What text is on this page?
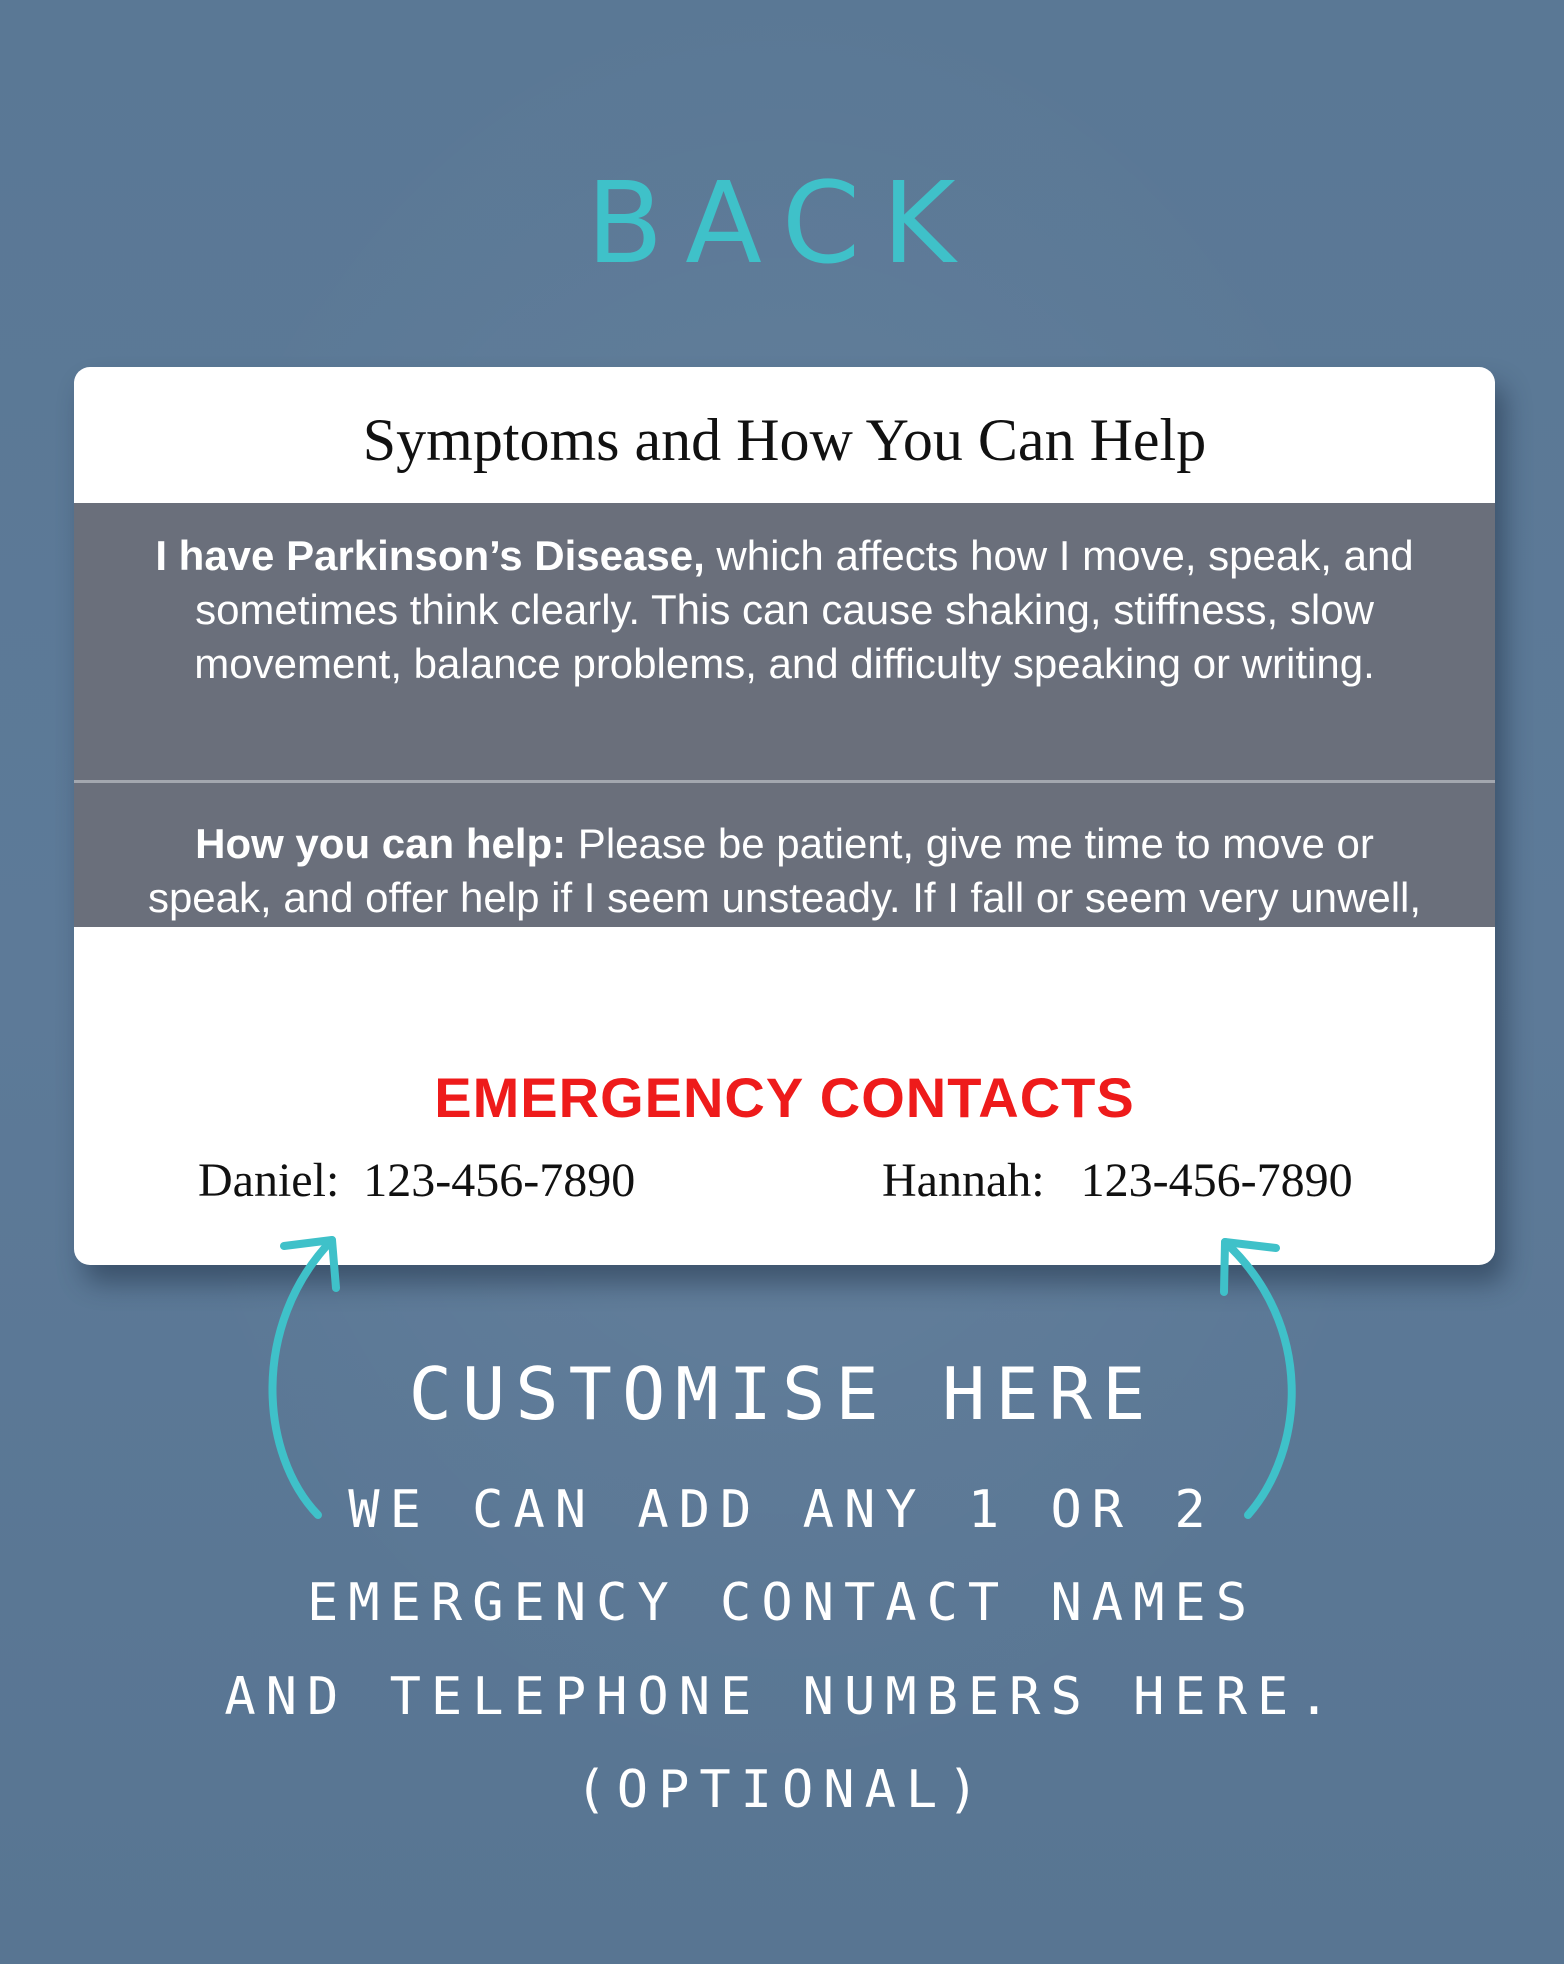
BACK
Symptoms and How You Can Help
I have Parkinson’s Disease, which affects how I move, speak, and sometimes think clearly. This can cause shaking, stiffness, slow movement, balance problems, and difficulty speaking or writing.
How you can help: Please be patient, give me time to move or speak, and offer help if I seem unsteady. If I fall or seem very unwell, call emergency services and contact my emergency person listed on this card. THANK YOU!
EMERGENCY CONTACTS
Daniel: 123-456-7890	Hannah: 123-456-7890
CUSTOMISE HERE
WE CAN ADD ANY 1 OR 2
EMERGENCY CONTACT NAMES
AND TELEPHONE NUMBERS HERE.
(OPTIONAL)
